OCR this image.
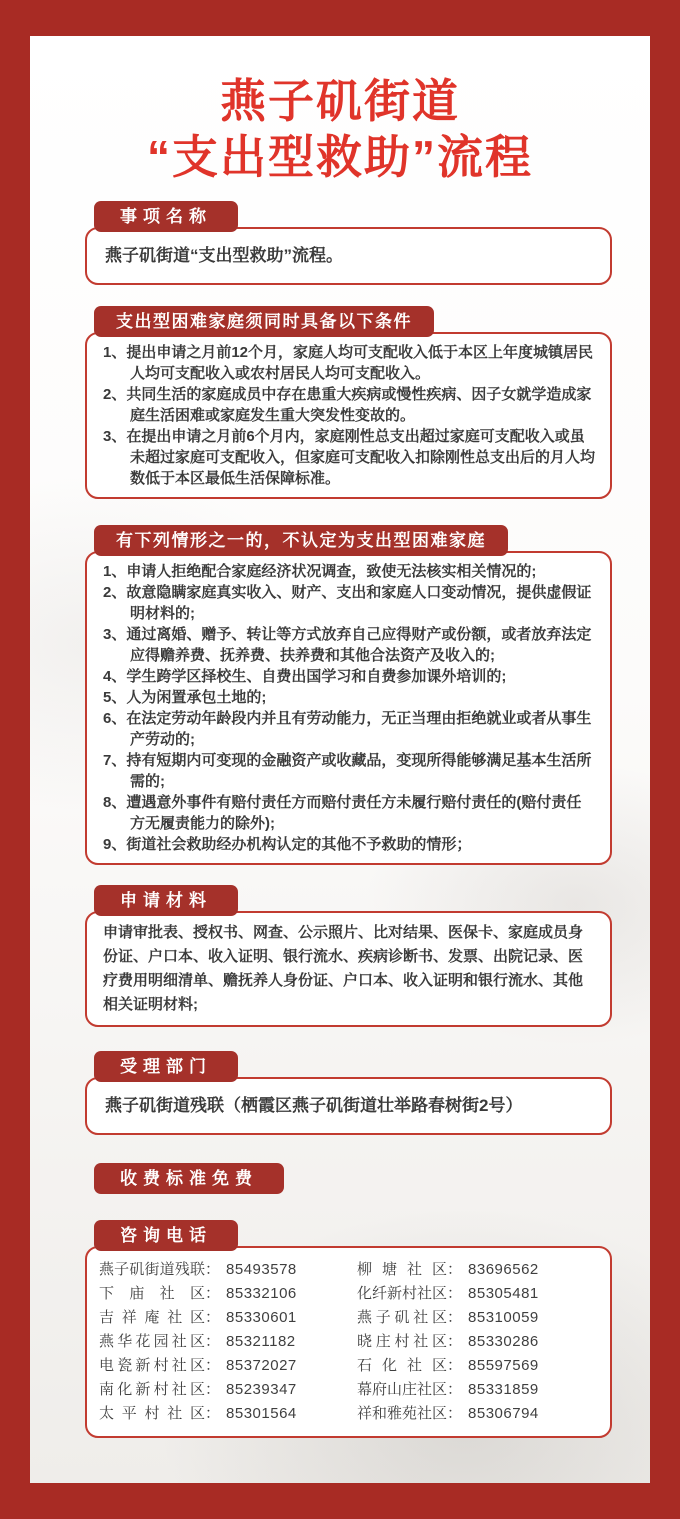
燕子矶街道
“支出型救助”流程
事项名称
燕子矶街道“支出型救助”流程。
支出型困难家庭须同时具备以下条件
1、提出申请之月前12个月，家庭人均可支配收入低于本区上年度城镇居民人均可支配收入或农村居民人均可支配收入。
2、共同生活的家庭成员中存在患重大疾病或慢性疾病、因子女就学造成家庭生活困难或家庭发生重大突发性变故的。
3、在提出申请之月前6个月内，家庭刚性总支出超过家庭可支配收入或虽未超过家庭可支配收入，但家庭可支配收入扣除刚性总支出后的月人均数低于本区最低生活保障标准。
有下列情形之一的，不认定为支出型困难家庭
1、申请人拒绝配合家庭经济状况调查，致使无法核实相关情况的;
2、故意隐瞒家庭真实收入、财产、支出和家庭人口变动情况，提供虚假证明材料的;
3、通过离婚、赠予、转让等方式放弃自己应得财产或份额，或者放弃法定应得赡养费、抚养费、扶养费和其他合法资产及收入的;
4、学生跨学区择校生、自费出国学习和自费参加课外培训的;
5、人为闲置承包土地的;
6、在法定劳动年龄段内并且有劳动能力，无正当理由拒绝就业或者从事生产劳动的;
7、持有短期内可变现的金融资产或收藏品，变现所得能够满足基本生活所需的;
8、遭遇意外事件有赔付责任方而赔付责任方未履行赔付责任的(赔付责任方无履责能力的除外);
9、街道社会救助经办机构认定的其他不予救助的情形；
申请材料
申请审批表、授权书、网查、公示照片、比对结果、医保卡、家庭成员身份证、户口本、收入证明、银行流水、疾病诊断书、发票、出院记录、医疗费用明细清单、赡抚养人身份证、户口本、收入证明和银行流水、其他相关证明材料;
受理部门
燕子矶街道残联（栖霞区燕子矶街道壮举路春树街2号）
收费标准免费
咨询电话
燕子矶街道残联 ： 85493578
下庙社区 ： 85332106
吉祥庵社区 ： 85330601
燕华花园社区 ： 85321182
电瓷新村社区 ： 85372027
南化新村社区 ： 85239347
太平村社区 ： 85301564
柳塘社区 ： 83696562
化纤新村社区 ： 85305481
燕子矶社区 ： 85310059
晓庄村社区 ： 85330286
石化社区 ： 85597569
幕府山庄社区 ： 85331859
祥和雅苑社区 ： 85306794
